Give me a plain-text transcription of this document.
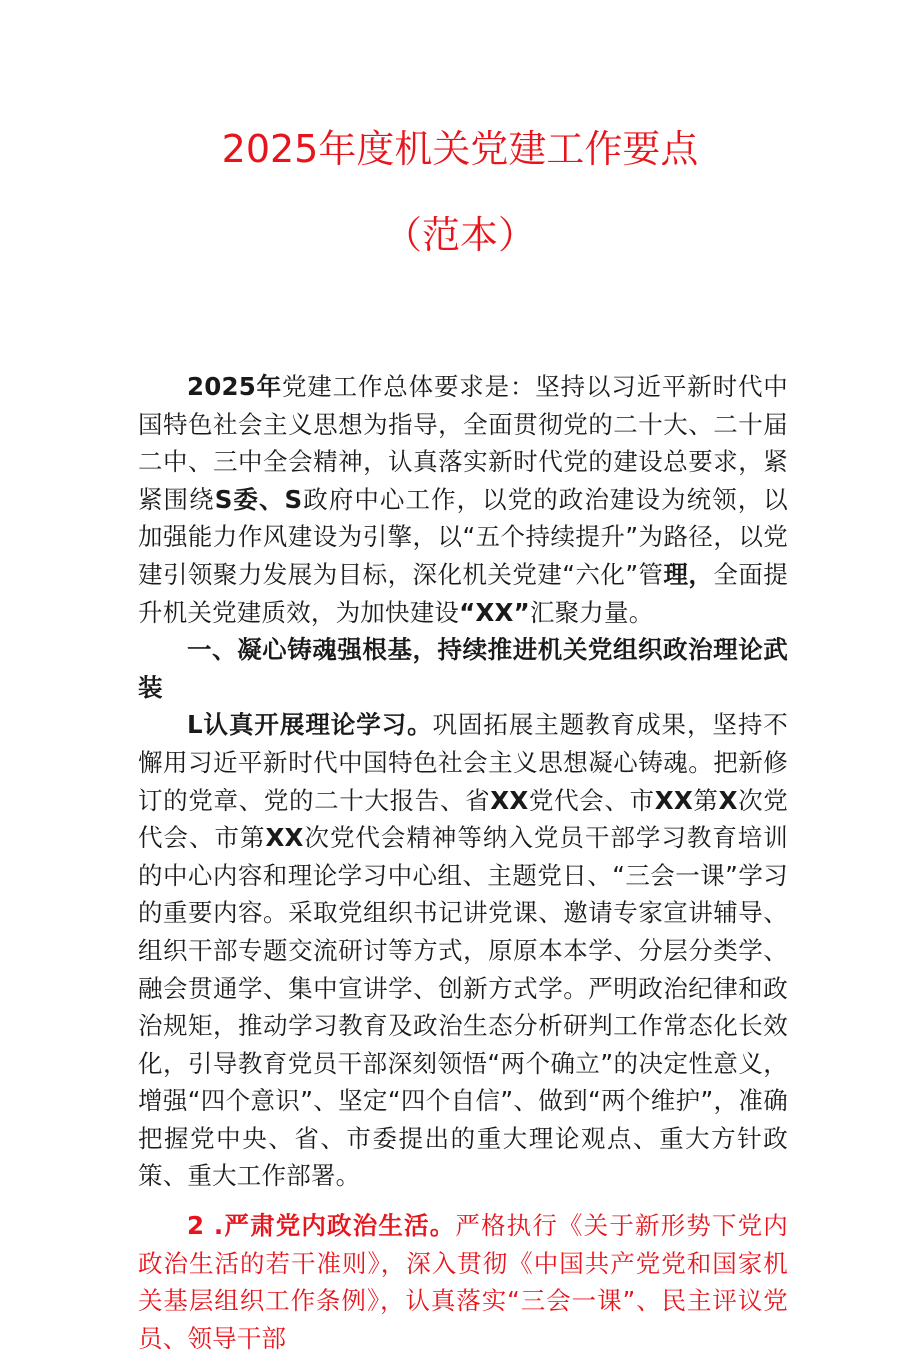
2025年度机关党建工作要点
（范本）

2025年党建工作总体要求是：坚持以习近平新时代中国特色社会主义思想为指导，全面贯彻党的二十大、二十届二中、三中全会精神，认真落实新时代党的建设总要求，紧紧围绕S委、S政府中心工作，以党的政治建设为统领，以加强能力作风建设为引擎，以“五个持续提升”为路径，以党建引领聚力发展为目标，深化机关党建“六化”管理，全面提升机关党建质效，为加快建设“XX”汇聚力量。

一、凝心铸魂强根基，持续推进机关党组织政治理论武装

L认真开展理论学习。巩固拓展主题教育成果，坚持不懈用习近平新时代中国特色社会主义思想凝心铸魂。把新修订的党章、党的二十大报告、省XX党代会、市XX第X次党代会、市第XX次党代会精神等纳入党员干部学习教育培训的中心内容和理论学习中心组、主题党日、“三会一课”学习的重要内容。采取党组织书记讲党课、邀请专家宣讲辅导、组织干部专题交流研讨等方式，原原本本学、分层分类学、融会贯通学、集中宣讲学、创新方式学。严明政治纪律和政治规矩，推动学习教育及政治生态分析研判工作常态化长效化，引导教育党员干部深刻领悟“两个确立”的决定性意义，增强“四个意识”、坚定“四个自信”、做到“两个维护”，准确把握党中央、省、市委提出的重大理论观点、重大方针政策、重大工作部署。

2 .严肃党内政治生活。严格执行《关于新形势下党内政治生活的若干准则》，深入贯彻《中国共产党党和国家机关基层组织工作条例》，认真落实“三会一课”、民主评议党员、领导干部
